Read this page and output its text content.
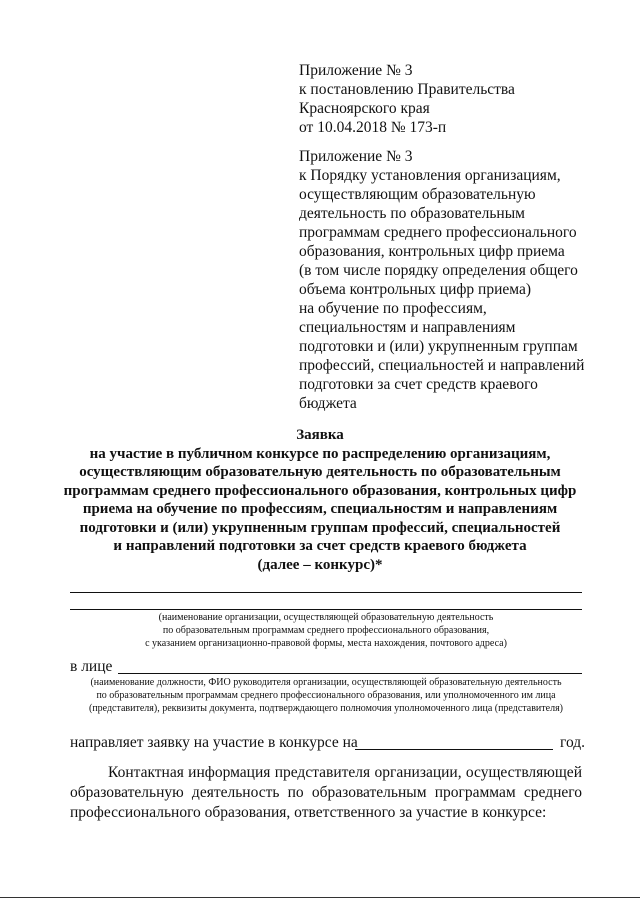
Приложение № 3
к постановлению Правительства
Красноярского края
от 10.04.2018 № 173-п
Приложение № 3
к Порядку установления организациям,
осуществляющим образовательную
деятельность по образовательным
программам среднего профессионального
образования, контрольных цифр приема
(в том числе порядку определения общего
объема контрольных цифр приема)
на обучение по профессиям,
специальностям и направлениям
подготовки и (или) укрупненным группам
профессий, специальностей и направлений
подготовки за счет средств краевого
бюджета
Заявка
на участие в публичном конкурсе по распределению организациям,
осуществляющим образовательную деятельность по образовательным
программам среднего профессионального образования, контрольных цифр
приема на обучение по профессиям, специальностям и направлениям
подготовки и (или) укрупненным группам профессий, специальностей
и направлений подготовки за счет средств краевого бюджета
(далее – конкурс)*
(наименование организации, осуществляющей образовательную деятельность
по образовательным программам среднего профессионального образования,
с указанием организационно-правовой формы, места нахождения, почтового адреса)
в лице
(наименование должности, ФИО руководителя организации, осуществляющей образовательную деятельность
по образовательным программам среднего профессионального образования, или уполномоченного им лица
(представителя), реквизиты документа, подтверждающего полномочия уполномоченного лица (представителя)
направляет заявку на участие в конкурсе на	год.
Контактная информация представителя организации, осуществляющей
образовательную деятельность по образовательным программам среднего
профессионального образования, ответственного за участие в конкурсе:
